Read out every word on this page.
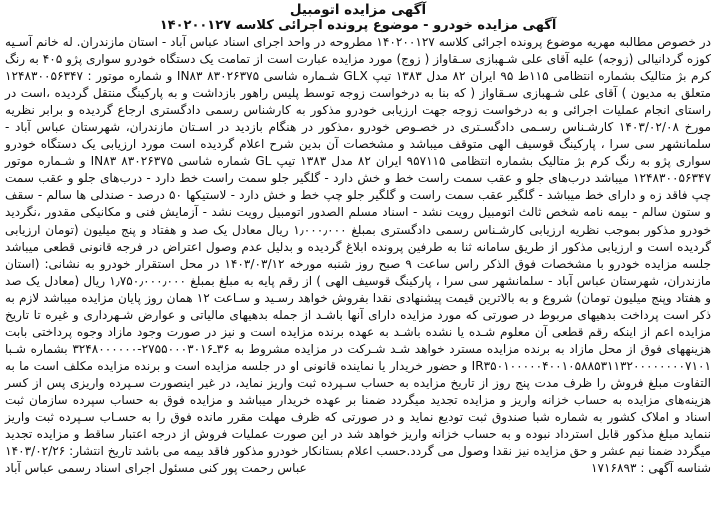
آگهی مزایده اتومبیل
آگهی مزایده خودرو - موضوع پرونده اجرائی کلاسه ۱۴۰۲۰۰۱۲۷

در خصوص مطالبه مهریه موضوع پرونده اجرائی کلاسه ۱۴۰۲۰۰۱۲۷ مطروحه در واحد اجرای اسناد عباس آباد - استان مازندران. له خانم آسـیه کوزه گردانیالی (زوجه) علیه آقای علی شـهبازی سـقاواز ( زوج) مورد مزایده عبارت است از تمامت یک دستگاه خودرو سواری پژو ۴۰۵ به رنگ کرم بژ متالیک بشماره انتظامی ۱۱۵ط ۹۵ ایران ۸۲ مدل ۱۳۸۳ تیپ GLX شـماره شاسی ۸۳۰۲۶۳۷۵ IN۸۳ و شماره موتور : ۱۲۴۸۳۰۰۵۶۳۴۷ متعلق به مدیون ) آقای علی شـهبازی سـقاواز ( که بنا به درخواست زوجه توسط پلیس راهور بازداشت و به پارکینگ منتقل گردیده ،است در راستای انجام عملیات اجرائی و به درخواست زوجه جهت ارزیابی خودرو مذکور به کارشناس رسمی دادگستری ارجاع گردیده و برابر نظریه مورخ ۱۴۰۳/۰۲/۰۸ کارشـناس رسـمی دادگسـتری در خصـوص خودرو ،مذکور در هنگام بازدید در اسـتان مازندران، شهرستان عباس آباد - سلمانشهر سی سرا ، پارکینگ قوسیف الهی متوقف میباشد و مشخصات آن بدین شرح اعلام گردیده است مورد ارزیابی یک دستگاه خودرو سواری پژو به رنگ کرم بژ متالیک بشماره انتظامی ۹۵۷۱۱۵ ایران ۸۲ مدل ۱۳۸۳ تیپ GL شماره شاسی ۸۳۰۲۶۳۷۵ IN۸۳ و شـماره موتور ۱۲۴۸۳۰۰۵۶۳۴۷ میباشد درب‌های جلو و عقب سمت راست خط و خش دارد - گلگیر جلو سمت راست خط دارد - درب‌های جلو و عقب سمت چپ فاقد زه و دارای خط میباشد - گلگیر عقب سمت راست و گلگیر جلو چپ خط و خش دارد - لاستیکها ۵۰ درصد - صندلی ها سالم - سقف و ستون سالم - بیمه نامه شخص ثالث اتومبیل رویت نشد - اسناد مسلم الصدور اتومبیل رویت نشد - آزمایش فنی و مکانیکی مقدور ،نگردید خودرو مذکور بموجب نظریه ارزیابی کارشـناس رسمی دادگستری بمبلغ ۱٫۰۰۰٫۰۰۰ ریال معادل یک صد و هفتاد و پنج میلیون (تومان ارزیابی گردیده است و ارزیابی مذکور از طریق سامانه ثنا به طرفین پرونده ابلاغ گردیده و بدلیل عدم وصول اعتراض در فرجه قانونی قطعی میباشد جلسه مزایده خودرو با مشخصات فوق الذکر راس ساعت ۹ صبح روز شنبه مورخه ۱۴۰۳/۰۳/۱۲ در محل استقرار خودرو به نشانی: (استان مازندران، شهرستان عباس آباد - سلمانشهر سی سرا ، پارکینگ قوسیف الهی ) از رقم پایه به مبلغ بمبلغ ۱٫۷۵۰٫۰۰۰٫۰۰۰ ریال (معادل یک صد و هفتاد وپنج میلیون تومان) شروع و به بالاترین قیمت پیشنهادی نقدا بفروش خواهد رسـید و سـاعت ۱۲ همان روز پایان مزایده میباشد لازم به ذکر است پرداخت بدهیهای مربوط در صورتی که مورد مزایده دارای آنها باشـد از جمله بدهیهای مالیاتی و عوارض شـهرداری و غیره تا تاریخ مزایده اعم از اینکه رقم قطعی آن معلوم شـده یا نشده باشـد به عهده برنده مزایده است و نیز در صورت وجود مازاد وجوه پرداختی بابت هزینههای فوق از محل مازاد به برنده مزایده مسترد خواهد شـد شـرکت در مزایده مشروط به ۳۶ـ۲۷۵۵۰۰۰۳۰۱۶-۳۲۴۸۰۰۰۰۰۰ بشماره شـبا IR۳۵۰۱۰۰۰۰۰۴۰۰۱۰۵۸۸۵۳۱۱۳۲۰۰۰۰۰۰۰۰۷۱۰۱ و حضور خریدار یا نماینده قانونی او در جلسه مزایده است و برنده مزایده مکلف است ما به التفاوت مبلغ فروش را ظرف مدت پنج روز از تاریخ مزایده به حساب سـپرده ثبت واریز نماید، در غیر اینصورت سـپرده واریزی پس از کسر هزینه‌های مزایده به حساب خزانه واریز و مزایده تجدید میگردد ضمنا بر عهده خریدار میباشد و مزایده فوق به حساب سپرده سازمان ثبت اسناد و املاک کشور به شماره شبا صندوق ثبت تودیع نماید و در صورتی که ظرف مهلت مقرر مانده فوق را به حسـاب سـپرده ثبت واریز ننماید مبلغ مذکور قابل استرداد نبوده و به حساب خزانه واریز خواهد شد در این صورت عملیات فروش از درجه اعتبار ساقط و مزایده تجدید میگردد ضمنا نیم عشر و حق مزایده نیز نقدا وصول می گردد.حسب اعلام بستانکار خودرو مذکور فاقد بیمه می باشد تاریخ انتشار: ۱۴۰۳/۰۲/۲۶

شناسه آگهی : ۱۷۱۶۸۹۳
عباس رحمت پور کنی مسئول اجرای اسناد رسمی عباس آباد
